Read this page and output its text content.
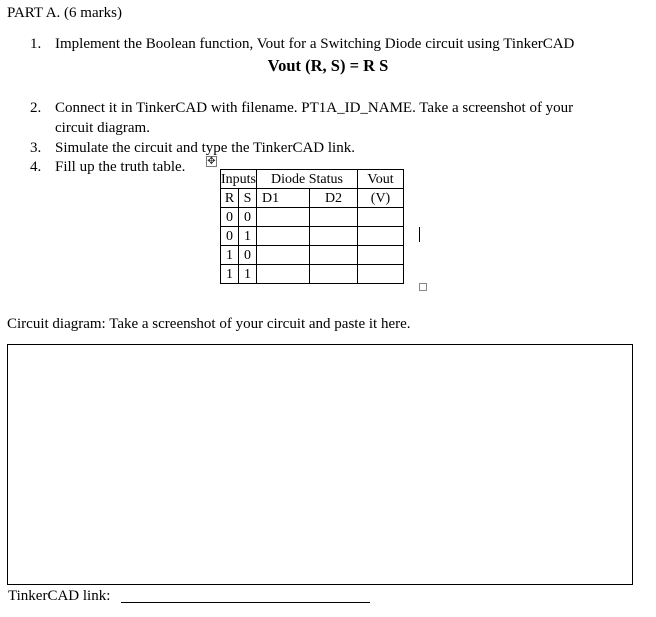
PART A. (6 marks)
1. Implement the Boolean function, Vout for a Switching Diode circuit using TinkerCAD
Vout (R, S) = R S
2. Connect it in TinkerCAD with filename. PT1A_ID_NAME. Take a screenshot of your
circuit diagram.
3. Simulate the circuit and type the TinkerCAD link.
4. Fill up the truth table. ✥
Inputs		Diode Status		Vout
R	S	D1	D2	(V)
0	0			
0	1			
1	0			
1	1			
Circuit diagram: Take a screenshot of your circuit and paste it here.
TinkerCAD link:
